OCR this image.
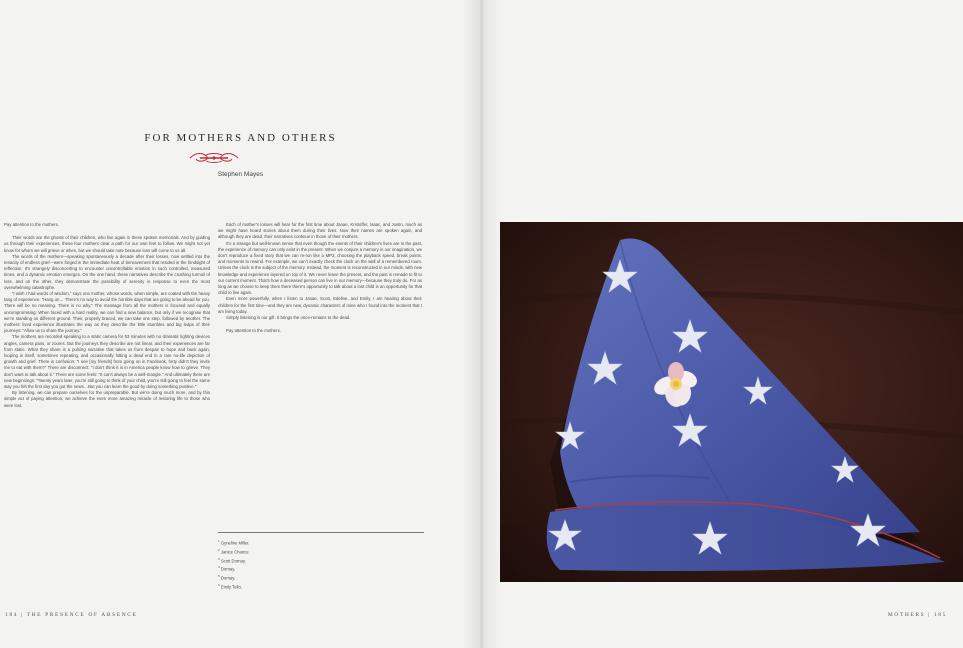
FOR MOTHERS AND OTHERS
Stephen Mayes

Pay attention to the mothers.

Their words are the ghosts of their children, who live again in these spoken memorials. And by guiding us through their experiences, these four mothers clear a path for our own feet to follow. We might not yet know for whom we will grieve or when, but we should take note because loss will come to us all.

The words of the mothers—speaking spontaneously a decade after their losses, now settled into the tenacity of endless grief—were forged in the immediate heat of bereavement that resided in the hindsight of reflection. It’s strangely disconcerting to encounter uncontrollable emotion in such controlled, measured times, and a dynamic emotion emerges. On the one hand, these narratives describe the crushing turmoil of loss, and on the other, they demonstrate the possibility of serenity in response to even the most overwhelming catastrophe.

“I wish I had words of wisdom,” says one mother, whose words, when simple, are coated with the heavy tang of experience. “Hang on… There’s no way to avoid the horrible days that are going to be ahead for you. There will be no meaning. There is no why.” The message from all the mothers is focused and equally uncompromising: When faced with a hard reality, we can find a new balance, but only if we recognise that we’re standing on different ground. Their, properly braced, we can take one step, followed by another. The mothers’ lived experience illustrates the way as they describe the little stumbles and big leaps of their journeys: “Allow us to share the journey.”

The mothers are recorded speaking to a static camera for 53 minutes with no dramatic lighting devices angles, camera pans, or zooms. But the journeys they describe are not linear, and their experiences are far from static. What they share is a pulsing narrative that takes us from despair to hope and back again, looping in itself, sometimes repeating, and occasionally hitting a dead end in a rare no-life depiction of growth and grief. There is confusion: “I see [my friends] from going on in Facebook, forty didn’t they invite me to eat with them?” There are disconnect: “I don’t think it is in America people know how to grieve. They don’t want to talk about it.” There are some feels: “It can’t always be a well-mangle.” And ultimately there are new beginnings: “Twenty years later, you’re still going to think of your child, you’re still going to feel the same way you felt the first day you got the news…But you can learn the good by doing something positive.”

By listening, we can prepare ourselves for the unpreparable. But we’re doing much more, and by this simple act of paying attention, we achieve the even more amazing miracle of restoring life to those who were lost.

Each of mother’s losses will hear for the first time about Janae, Kristoffer, Isaac, and Justin, much as we might have heard stories about them during their lives. Now their names are spoken again, and although they are dead, their narratives continue in those of their mothers.

It’s a strange but well-known sense that even though the events of their children’s lives are in the past, the experience of memory can only exist in the present. When we conjure a memory in our imagination, we don’t reproduce a fixed story that we can re-run like a MP3, choosing the playback speed, break points, and moments to rewind. For example, we can’t exactly check the clock on the wall of a remembered room. Unless the clock is the subject of the memory. Instead, the moment is reconstructed in our minds, with new knowledge and experience layered on top of it. We never leave the present, and the past is remade to fit to our current moment. That’s how a deceased person can live in our memory—because they truly do. For as long as we choose to keep them there there’s opportunity to talk about a lost child is an opportunity for that child to live again.

Even more powerfully, when I listen to Janae, Scott, Edeline, and Emily, I am hearing about their children for the first time—and they are new, dynamic characters of mine who I found into the moment that I am living today.

Simply listening is our gift. It brings the once-remains to the dead.

Pay attention to the mothers.

$^1$ Gyneline Miller.
$^2$ Janice Chance.
$^3$ Scott Dornay.
$^4$ Dornay.
$^5$ Dornay.
$^6$ Emily Tello.
184 | THE PRESENCE OF ABSENCE	MOTHERS | 185
